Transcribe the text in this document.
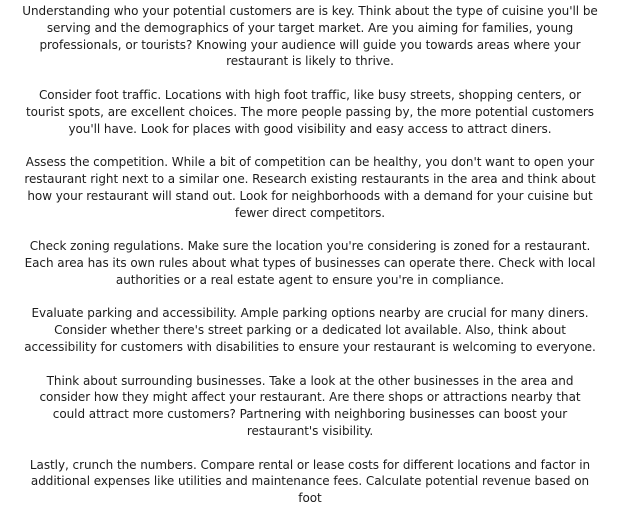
Understanding who your potential customers are is key. Think about the type of cuisine you'll be serving and the demographics of your target market. Are you aiming for families, young professionals, or tourists? Knowing your audience will guide you towards areas where your restaurant is likely to thrive.

Consider foot traffic. Locations with high foot traffic, like busy streets, shopping centers, or tourist spots, are excellent choices. The more people passing by, the more potential customers you'll have. Look for places with good visibility and easy access to attract diners.

Assess the competition. While a bit of competition can be healthy, you don't want to open your restaurant right next to a similar one. Research existing restaurants in the area and think about how your restaurant will stand out. Look for neighborhoods with a demand for your cuisine but fewer direct competitors.

Check zoning regulations. Make sure the location you're considering is zoned for a restaurant. Each area has its own rules about what types of businesses can operate there. Check with local authorities or a real estate agent to ensure you're in compliance.

Evaluate parking and accessibility. Ample parking options nearby are crucial for many diners. Consider whether there's street parking or a dedicated lot available. Also, think about accessibility for customers with disabilities to ensure your restaurant is welcoming to everyone.

Think about surrounding businesses. Take a look at the other businesses in the area and consider how they might affect your restaurant. Are there shops or attractions nearby that could attract more customers? Partnering with neighboring businesses can boost your restaurant's visibility.

Lastly, crunch the numbers. Compare rental or lease costs for different locations and factor in additional expenses like utilities and maintenance fees. Calculate potential revenue based on foot
